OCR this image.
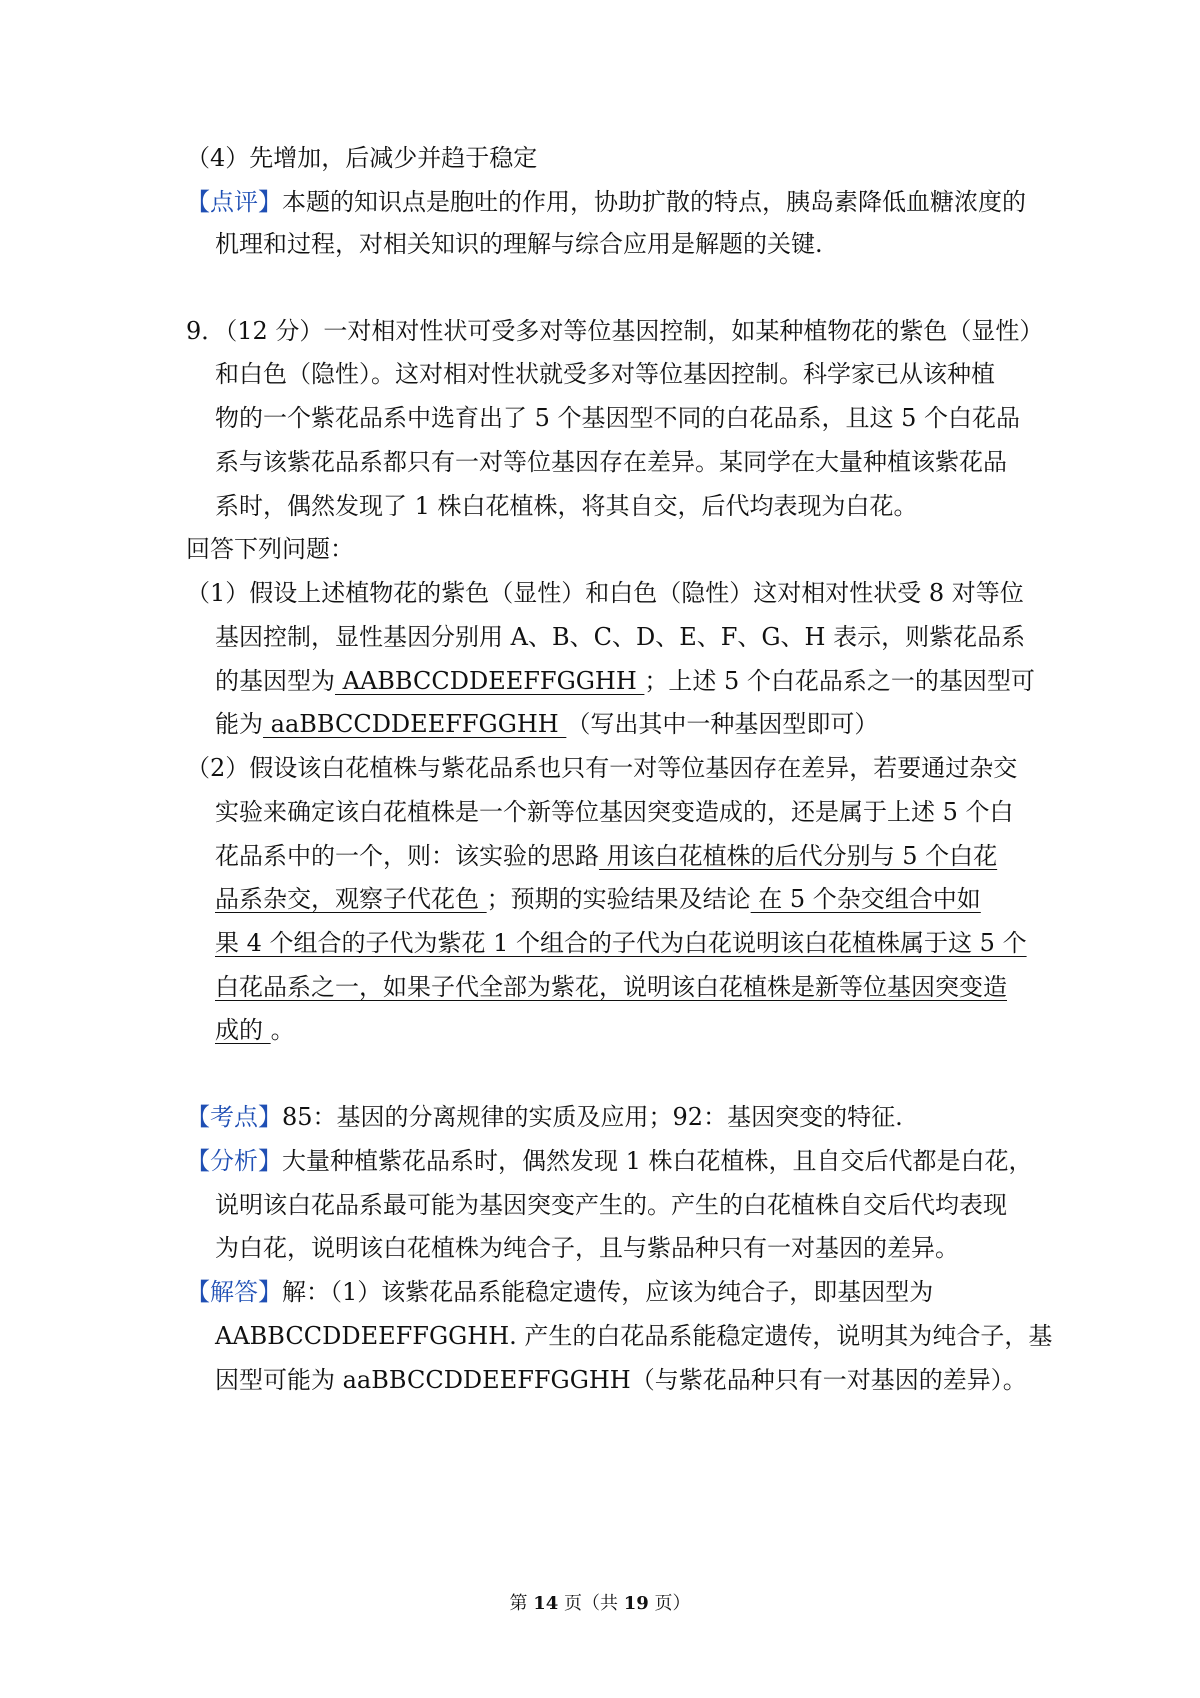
（4）先增加，后减少并趋于稳定
【点评】本题的知识点是胞吐的作用，协助扩散的特点，胰岛素降低血糖浓度的
机理和过程，对相关知识的理解与综合应用是解题的关键.
9．（12 分）一对相对性状可受多对等位基因控制，如某种植物花的紫色（显性）
和白色（隐性）。这对相对性状就受多对等位基因控制。科学家已从该种植
物的一个紫花品系中选育出了 5 个基因型不同的白花品系，且这 5 个白花品
系与该紫花品系都只有一对等位基因存在差异。某同学在大量种植该紫花品
系时，偶然发现了 1 株白花植株，将其自交，后代均表现为白花。
回答下列问题：
（1）假设上述植物花的紫色（显性）和白色（隐性）这对相对性状受 8 对等位
基因控制，显性基因分别用 A、B、C、D、E、F、G、H 表示，则紫花品系
的基因型为 AABBCCDDEEFFGGHH ；上述 5 个白花品系之一的基因型可
能为 aaBBCCDDEEFFGGHH （写出其中一种基因型即可）
（2）假设该白花植株与紫花品系也只有一对等位基因存在差异，若要通过杂交
实验来确定该白花植株是一个新等位基因突变造成的，还是属于上述 5 个白
花品系中的一个，则：该实验的思路 用该白花植株的后代分别与 5 个白花
品系杂交，观察子代花色 ；预期的实验结果及结论 在 5 个杂交组合中如
果 4 个组合的子代为紫花 1 个组合的子代为白花说明该白花植株属于这 5 个
白花品系之一，如果子代全部为紫花，说明该白花植株是新等位基因突变造
成的 。
【考点】85：基因的分离规律的实质及应用；92：基因突变的特征.
【分析】大量种植紫花品系时，偶然发现 1 株白花植株，且自交后代都是白花，
说明该白花品系最可能为基因突变产生的。产生的白花植株自交后代均表现
为白花，说明该白花植株为纯合子，且与紫品种只有一对基因的差异。
【解答】解：（1）该紫花品系能稳定遗传，应该为纯合子，即基因型为
AABBCCDDEEFFGGHH. 产生的白花品系能稳定遗传，说明其为纯合子，基
因型可能为 aaBBCCDDEEFFGGHH（与紫花品种只有一对基因的差异）。
第 14 页（共 19 页）
